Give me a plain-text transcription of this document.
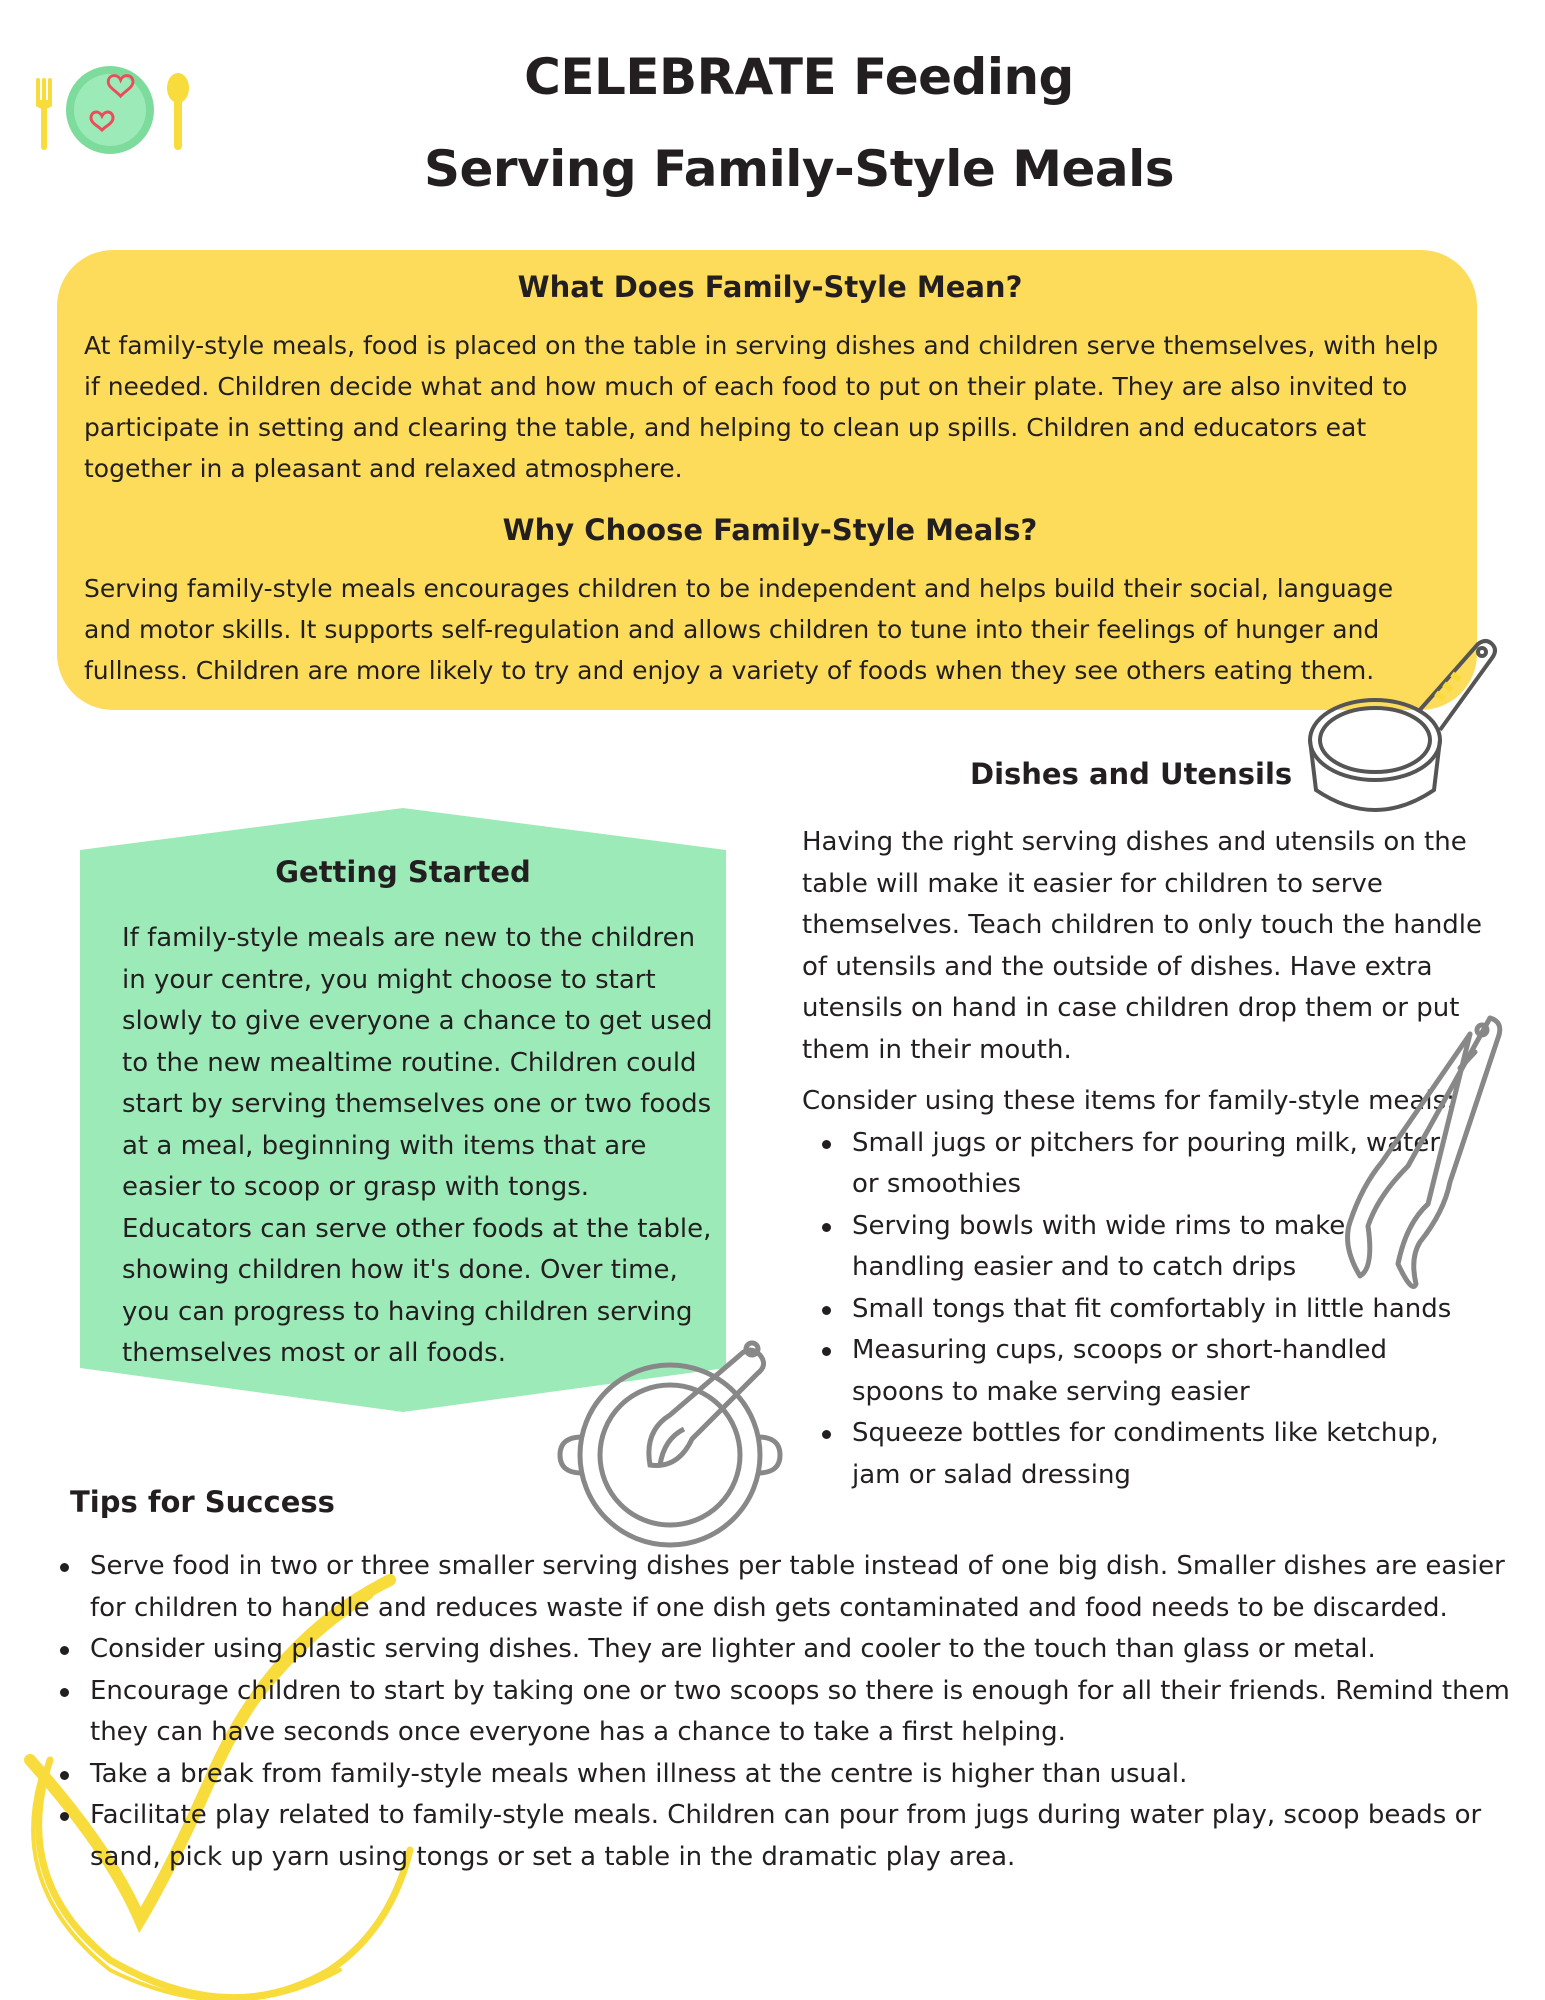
CELEBRATE Feeding
Serving Family-Style Meals
What Does Family-Style Mean?
At family-style meals, food is placed on the table in serving dishes and children serve themselves, with help
if needed. Children decide what and how much of each food to put on their plate. They are also invited to
participate in setting and clearing the table, and helping to clean up spills. Children and educators eat
together in a pleasant and relaxed atmosphere.
Why Choose Family-Style Meals?
Serving family-style meals encourages children to be independent and helps build their social, language
and motor skills. It supports self-regulation and allows children to tune into their feelings of hunger and
fullness. Children are more likely to try and enjoy a variety of foods when they see others eating them.
Dishes and Utensils
Getting Started
If family-style meals are new to the children
in your centre, you might choose to start
slowly to give everyone a chance to get used
to the new mealtime routine. Children could
start by serving themselves one or two foods
at a meal, beginning with items that are
easier to scoop or grasp with tongs.
Educators can serve other foods at the table,
showing children how it's done. Over time,
you can progress to having children serving
themselves most or all foods.
Having the right serving dishes and utensils on the
table will make it easier for children to serve
themselves. Teach children to only touch the handle
of utensils and the outside of dishes. Have extra
utensils on hand in case children drop them or put
them in their mouth.
Consider using these items for family-style meals:
Small jugs or pitchers for pouring milk, water
or smoothies
Serving bowls with wide rims to make
handling easier and to catch drips
Small tongs that fit comfortably in little hands
Measuring cups, scoops or short-handled
spoons to make serving easier
Squeeze bottles for condiments like ketchup,
jam or salad dressing
Tips for Success
Serve food in two or three smaller serving dishes per table instead of one big dish. Smaller dishes are easier
for children to handle and reduces waste if one dish gets contaminated and food needs to be discarded.
Consider using plastic serving dishes. They are lighter and cooler to the touch than glass or metal.
Encourage children to start by taking one or two scoops so there is enough for all their friends. Remind them
they can have seconds once everyone has a chance to take a first helping.
Take a break from family-style meals when illness at the centre is higher than usual.
Facilitate play related to family-style meals. Children can pour from jugs during water play, scoop beads or
sand, pick up yarn using tongs or set a table in the dramatic play area.
